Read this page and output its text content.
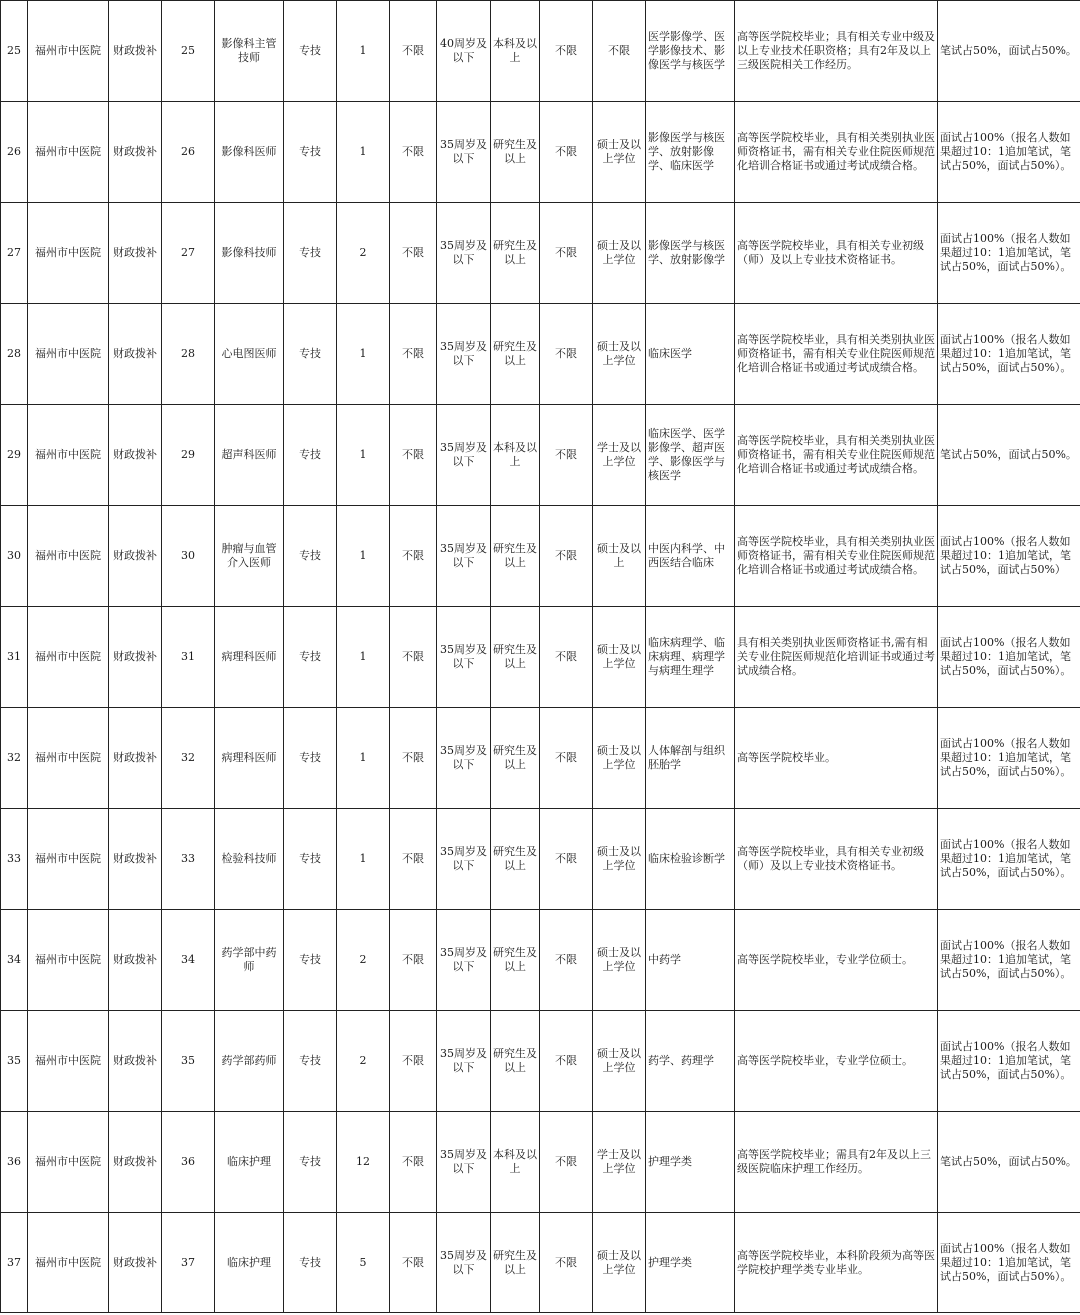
25	福州市中医院	财政拨补	25	影像科主管技师	专技	1	不限	40周岁及以下	本科及以上	不限	不限	医学影像学、医学影像技术、影像医学与核医学	高等医学院校毕业；具有相关专业中级及以上专业技术任职资格；具有2年及以上三级医院相关工作经历。	笔试占50%，面试占50%。
26	福州市中医院	财政拨补	26	影像科医师	专技	1	不限	35周岁及以下	研究生及以上	不限	硕士及以上学位	影像医学与核医学、放射影像学、临床医学	高等医学院校毕业，具有相关类别执业医师资格证书，需有相关专业住院医师规范化培训合格证书或通过考试成绩合格。	面试占100%（报名人数如果超过10：1追加笔试，笔试占50%，面试占50%）。
27	福州市中医院	财政拨补	27	影像科技师	专技	2	不限	35周岁及以下	研究生及以上	不限	硕士及以上学位	影像医学与核医学、放射影像学	高等医学院校毕业，具有相关专业初级（师）及以上专业技术资格证书。	面试占100%（报名人数如果超过10：1追加笔试，笔试占50%，面试占50%）。
28	福州市中医院	财政拨补	28	心电图医师	专技	1	不限	35周岁及以下	研究生及以上	不限	硕士及以上学位	临床医学	高等医学院校毕业，具有相关类别执业医师资格证书，需有相关专业住院医师规范化培训合格证书或通过考试成绩合格。	面试占100%（报名人数如果超过10：1追加笔试，笔试占50%，面试占50%）。
29	福州市中医院	财政拨补	29	超声科医师	专技	1	不限	35周岁及以下	本科及以上	不限	学士及以上学位	临床医学、医学影像学、超声医学、影像医学与核医学	高等医学院校毕业，具有相关类别执业医师资格证书，需有相关专业住院医师规范化培训合格证书或通过考试成绩合格。	笔试占50%，面试占50%。
30	福州市中医院	财政拨补	30	肿瘤与血管介入医师	专技	1	不限	35周岁及以下	研究生及以上	不限	硕士及以上	中医内科学、中西医结合临床	高等医学院校毕业，具有相关类别执业医师资格证书，需有相关专业住院医师规范化培训合格证书或通过考试成绩合格。	面试占100%（报名人数如果超过10：1追加笔试，笔试占50%，面试占50%）
31	福州市中医院	财政拨补	31	病理科医师	专技	1	不限	35周岁及以下	研究生及以上	不限	硕士及以上学位	临床病理学、临床病理、病理学与病理生理学	具有相关类别执业医师资格证书,需有相关专业住院医师规范化培训证书或通过考试成绩合格。	面试占100%（报名人数如果超过10：1追加笔试，笔试占50%，面试占50%）。
32	福州市中医院	财政拨补	32	病理科医师	专技	1	不限	35周岁及以下	研究生及以上	不限	硕士及以上学位	人体解剖与组织胚胎学	高等医学院校毕业。	面试占100%（报名人数如果超过10：1追加笔试，笔试占50%，面试占50%）。
33	福州市中医院	财政拨补	33	检验科技师	专技	1	不限	35周岁及以下	研究生及以上	不限	硕士及以上学位	临床检验诊断学	高等医学院校毕业，具有相关专业初级（师）及以上专业技术资格证书。	面试占100%（报名人数如果超过10：1追加笔试，笔试占50%，面试占50%）。
34	福州市中医院	财政拨补	34	药学部中药师	专技	2	不限	35周岁及以下	研究生及以上	不限	硕士及以上学位	中药学	高等医学院校毕业，专业学位硕士。	面试占100%（报名人数如果超过10：1追加笔试，笔试占50%，面试占50%）。
35	福州市中医院	财政拨补	35	药学部药师	专技	2	不限	35周岁及以下	研究生及以上	不限	硕士及以上学位	药学、药理学	高等医学院校毕业，专业学位硕士。	面试占100%（报名人数如果超过10：1追加笔试，笔试占50%，面试占50%）。
36	福州市中医院	财政拨补	36	临床护理	专技	12	不限	35周岁及以下	本科及以上	不限	学士及以上学位	护理学类	高等医学院校毕业；需具有2年及以上三级医院临床护理工作经历。	笔试占50%，面试占50%。
37	福州市中医院	财政拨补	37	临床护理	专技	5	不限	35周岁及以下	研究生及以上	不限	硕士及以上学位	护理学类	高等医学院校毕业，本科阶段须为高等医学院校护理学类专业毕业。	面试占100%（报名人数如果超过10：1追加笔试，笔试占50%，面试占50%）。
